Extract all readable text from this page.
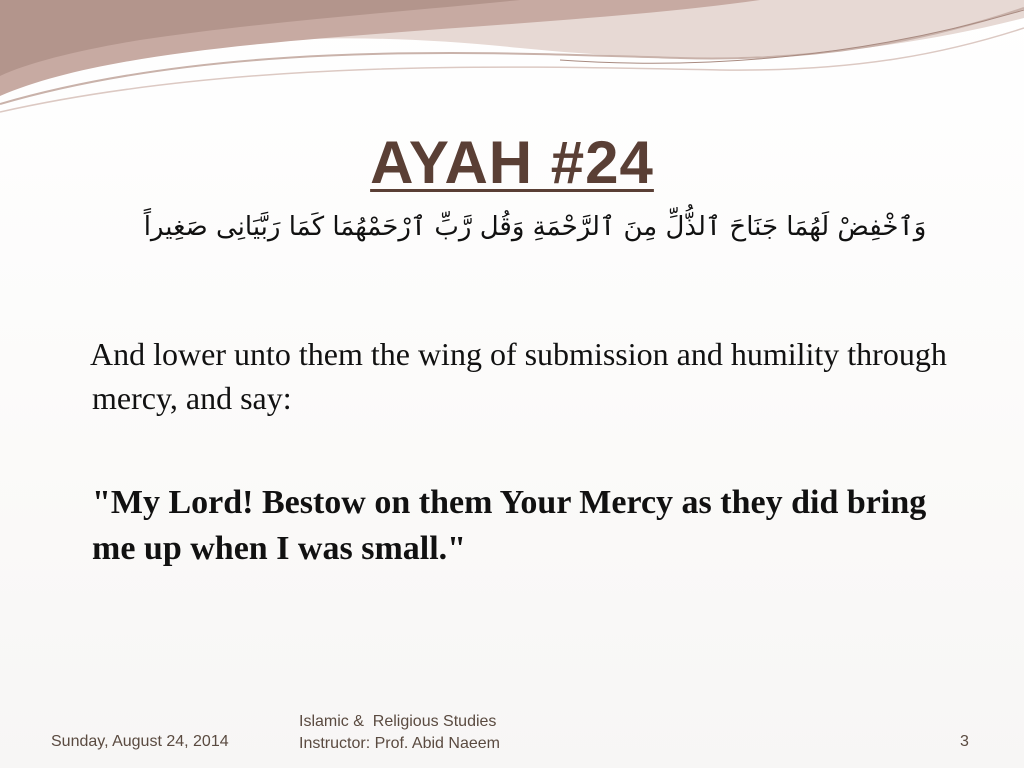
AYAH #24

وَٱخْفِضْ لَهُمَا جَنَاحَ ٱلذُّلِّ مِنَ ٱلرَّحْمَةِ وَقُل رَّبِّ ٱرْحَمْهُمَا كَمَا رَبَّيَانِى صَغِيراً

And lower unto them the wing of submission and humility through mercy, and say:

"My Lord! Bestow on them Your Mercy as they did bring me up when I was small."

Sunday, August 24, 2014
Islamic &  Religious Studies
Instructor: Prof. Abid Naeem	3
